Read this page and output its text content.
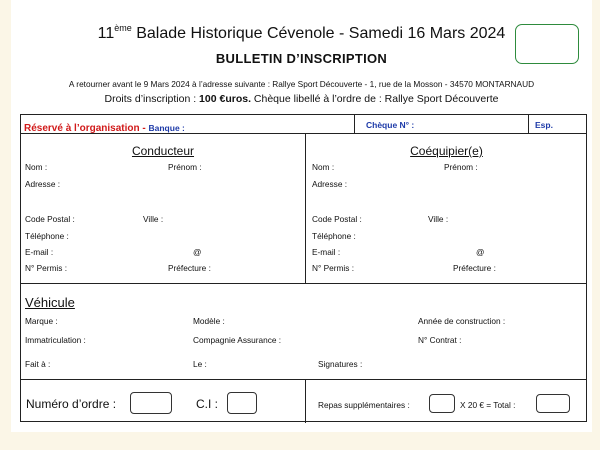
11ème Balade Historique Cévenole - Samedi 16 Mars 2024
BULLETIN D’INSCRIPTION
A retourner avant le 9 Mars 2024 à l’adresse suivante : Rallye Sport Découverte - 1, rue de la Mosson - 34570 MONTARNAUD
Droits d’inscription : 100 €uros. Chèque libellé à l’ordre de : Rallye Sport Découverte
Réservé à l’organisation - Banque :	Chèque N° :	Esp.
Conducteur
Nom :	Prénom :
Adresse :
Code Postal :	Ville :
Téléphone :
E-mail :	@
N° Permis :	Préfecture :
Coéquipier(e)
Nom :	Prénom :
Adresse :
Code Postal :	Ville :
Téléphone :
E-mail :	@
N° Permis :	Préfecture :
Véhicule
Marque :	Modèle :	Année de construction :
Immatriculation :	Compagnie Assurance :	N° Contrat :
Fait à :	Le :	Signatures :
Numéro d’ordre :	C.I :	Repas supplémentaires :	X 20 € = Total :
